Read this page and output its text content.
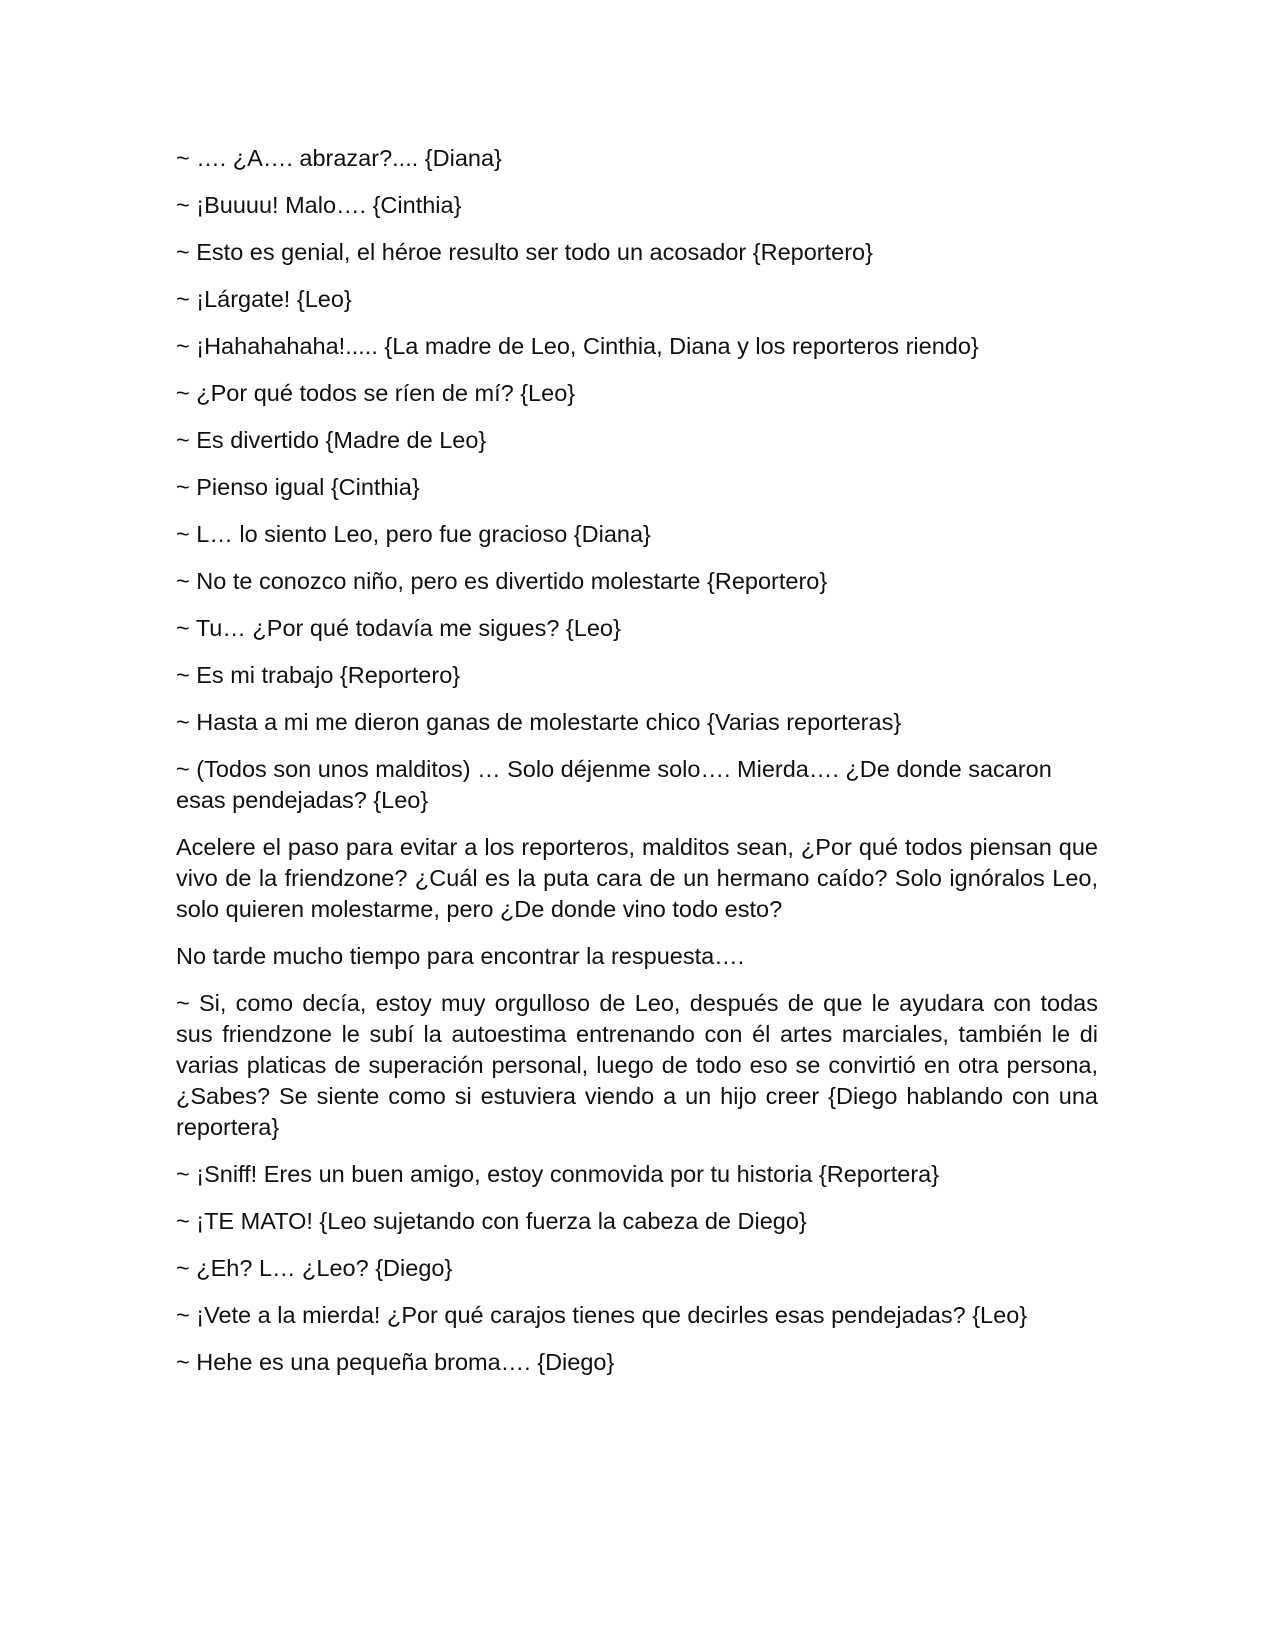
~ …. ¿A…. abrazar?.... {Diana}

~ ¡Buuuu! Malo…. {Cinthia}

~ Esto es genial, el héroe resulto ser todo un acosador {Reportero}

~ ¡Lárgate! {Leo}

~ ¡Hahahahaha!..... {La madre de Leo, Cinthia, Diana y los reporteros riendo}

~ ¿Por qué todos se ríen de mí? {Leo}

~ Es divertido {Madre de Leo}

~ Pienso igual {Cinthia}

~ L… lo siento Leo, pero fue gracioso {Diana}

~ No te conozco niño, pero es divertido molestarte {Reportero}

~ Tu… ¿Por qué todavía me sigues? {Leo}

~ Es mi trabajo {Reportero}

~ Hasta a mi me dieron ganas de molestarte chico {Varias reporteras}

~ (Todos son unos malditos) … Solo déjenme solo…. Mierda…. ¿De donde sacaron esas pendejadas? {Leo}

Acelere el paso para evitar a los reporteros, malditos sean, ¿Por qué todos piensan que vivo de la friendzone? ¿Cuál es la puta cara de un hermano caído? Solo ignóralos Leo, solo quieren molestarme, pero ¿De donde vino todo esto?

No tarde mucho tiempo para encontrar la respuesta….

~ Si, como decía, estoy muy orgulloso de Leo, después de que le ayudara con todas sus friendzone le subí la autoestima entrenando con él artes marciales, también le di varias platicas de superación personal, luego de todo eso se convirtió en otra persona, ¿Sabes? Se siente como si estuviera viendo a un hijo creer {Diego hablando con una reportera}

~ ¡Sniff! Eres un buen amigo, estoy conmovida por tu historia {Reportera}

~ ¡TE MATO! {Leo sujetando con fuerza la cabeza de Diego}

~ ¿Eh? L… ¿Leo? {Diego}

~ ¡Vete a la mierda! ¿Por qué carajos tienes que decirles esas pendejadas? {Leo}

~ Hehe es una pequeña broma…. {Diego}
